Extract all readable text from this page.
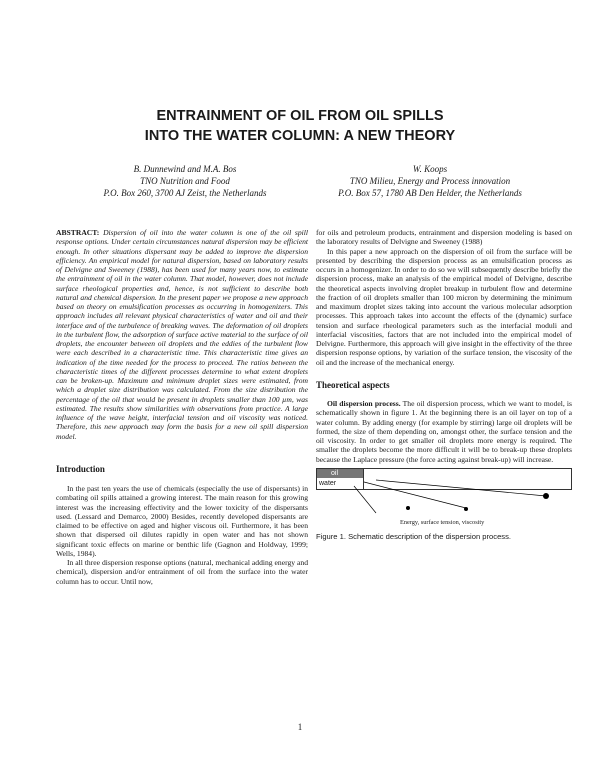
ENTRAINMENT OF OIL FROM OIL SPILLS
INTO THE WATER COLUMN: A NEW THEORY
B. Dunnewind and M.A. Bos
TNO Nutrition and Food
P.O. Box 260, 3700 AJ Zeist, the Netherlands
W. Koops
TNO Milieu, Energy and Process innovation
P.O. Box 57, 1780 AB Den Helder, the Netherlands

ABSTRACT: Dispersion of oil into the water column is one of the oil spill response options. Under certain circumstances natural dispersion may be efficient enough. In other situations dispersant may be added to improve the dispersion efficiency. An empirical model for natural dispersion, based on laboratory results of Delvigne and Sweeney (1988), has been used for many years now, to estimate the entrainment of oil in the water column. That model, however, does not include surface rheological properties and, hence, is not sufficient to describe both natural and chemical dispersion. In the present paper we propose a new approach based on theory on emulsification processes as occurring in homogenizers. This approach includes all relevant physical characteristics of water and oil and their interface and of the turbulence of breaking waves. The deformation of oil droplets in the turbulent flow, the adsorption of surface active material to the surface of oil droplets, the encounter between oil droplets and the eddies of the turbulent flow were each described in a characteristic time. This characteristic time gives an indication of the time needed for the process to proceed. The ratios between the characteristic times of the different processes determine to what extent droplets can be broken-up. Maximum and minimum droplet sizes were estimated, from which a droplet size distribution was calculated. From the size distribution the percentage of the oil that would be present in droplets smaller than 100 µm, was estimated. The results show similarities with observations from practice. A large influence of the wave height, interfacial tension and oil viscosity was noticed. Therefore, this new approach may form the basis for a new oil spill dispersion model.

Introduction

In the past ten years the use of chemicals (especially the use of dispersants) in combating oil spills attained a growing interest. The main reason for this growing interest was the increasing effectivity and the lower toxicity of the dispersants used. (Lessard and Demarco, 2000) Besides, recently developed dispersants are claimed to be effective on aged and higher viscous oil. Furthermore, it has been shown that dispersed oil dilutes rapidly in open water and has not shown significant toxic effects on marine or benthic life (Gagnon and Holdway, 1999; Wells, 1984).

In all three dispersion response options (natural, mechanical adding energy and chemical), dispersion and/or entrainment of oil from the surface into the water column has to occur. Until now,

for oils and petroleum products, entrainment and dispersion modeling is based on the laboratory results of Delvigne and Sweeney (1988)

In this paper a new approach on the dispersion of oil from the surface will be presented by describing the dispersion process as an emulsification process as occurs in a homogenizer. In order to do so we will subsequently describe briefly the dispersion process, make an analysis of the empirical model of Delvigne, describe the theoretical aspects involving droplet breakup in turbulent flow and determine the fraction of oil droplets smaller than 100 micron by determining the minimum and maximum droplet sizes taking into account the various molecular adsorption processes. This approach takes into account the effects of the (dynamic) surface tension and surface rheological parameters such as the interfacial moduli and interfacial viscosities, factors that are not included into the empirical model of Delvigne. Furthermore, this approach will give insight in the effectivity of the three dispersion response options, by variation of the surface tension, the viscosity of the oil and the increase of the mechanical energy.

Theoretical aspects

Oil dispersion process. The oil dispersion process, which we want to model, is schematically shown in figure 1. At the beginning there is an oil layer on top of a water column. By adding energy (for example by stirring) large oil droplets will be formed, the size of them depending on, amongst other, the surface tension and the oil viscosity. In order to get smaller oil droplets more energy is required. The smaller the droplets become the more difficult it will be to break-up these droplets because the Laplace pressure (the force acting against break-up) will increase.

oil
water
Energy, surface tension, viscosity
Figure 1. Schematic description of the dispersion process.
1
